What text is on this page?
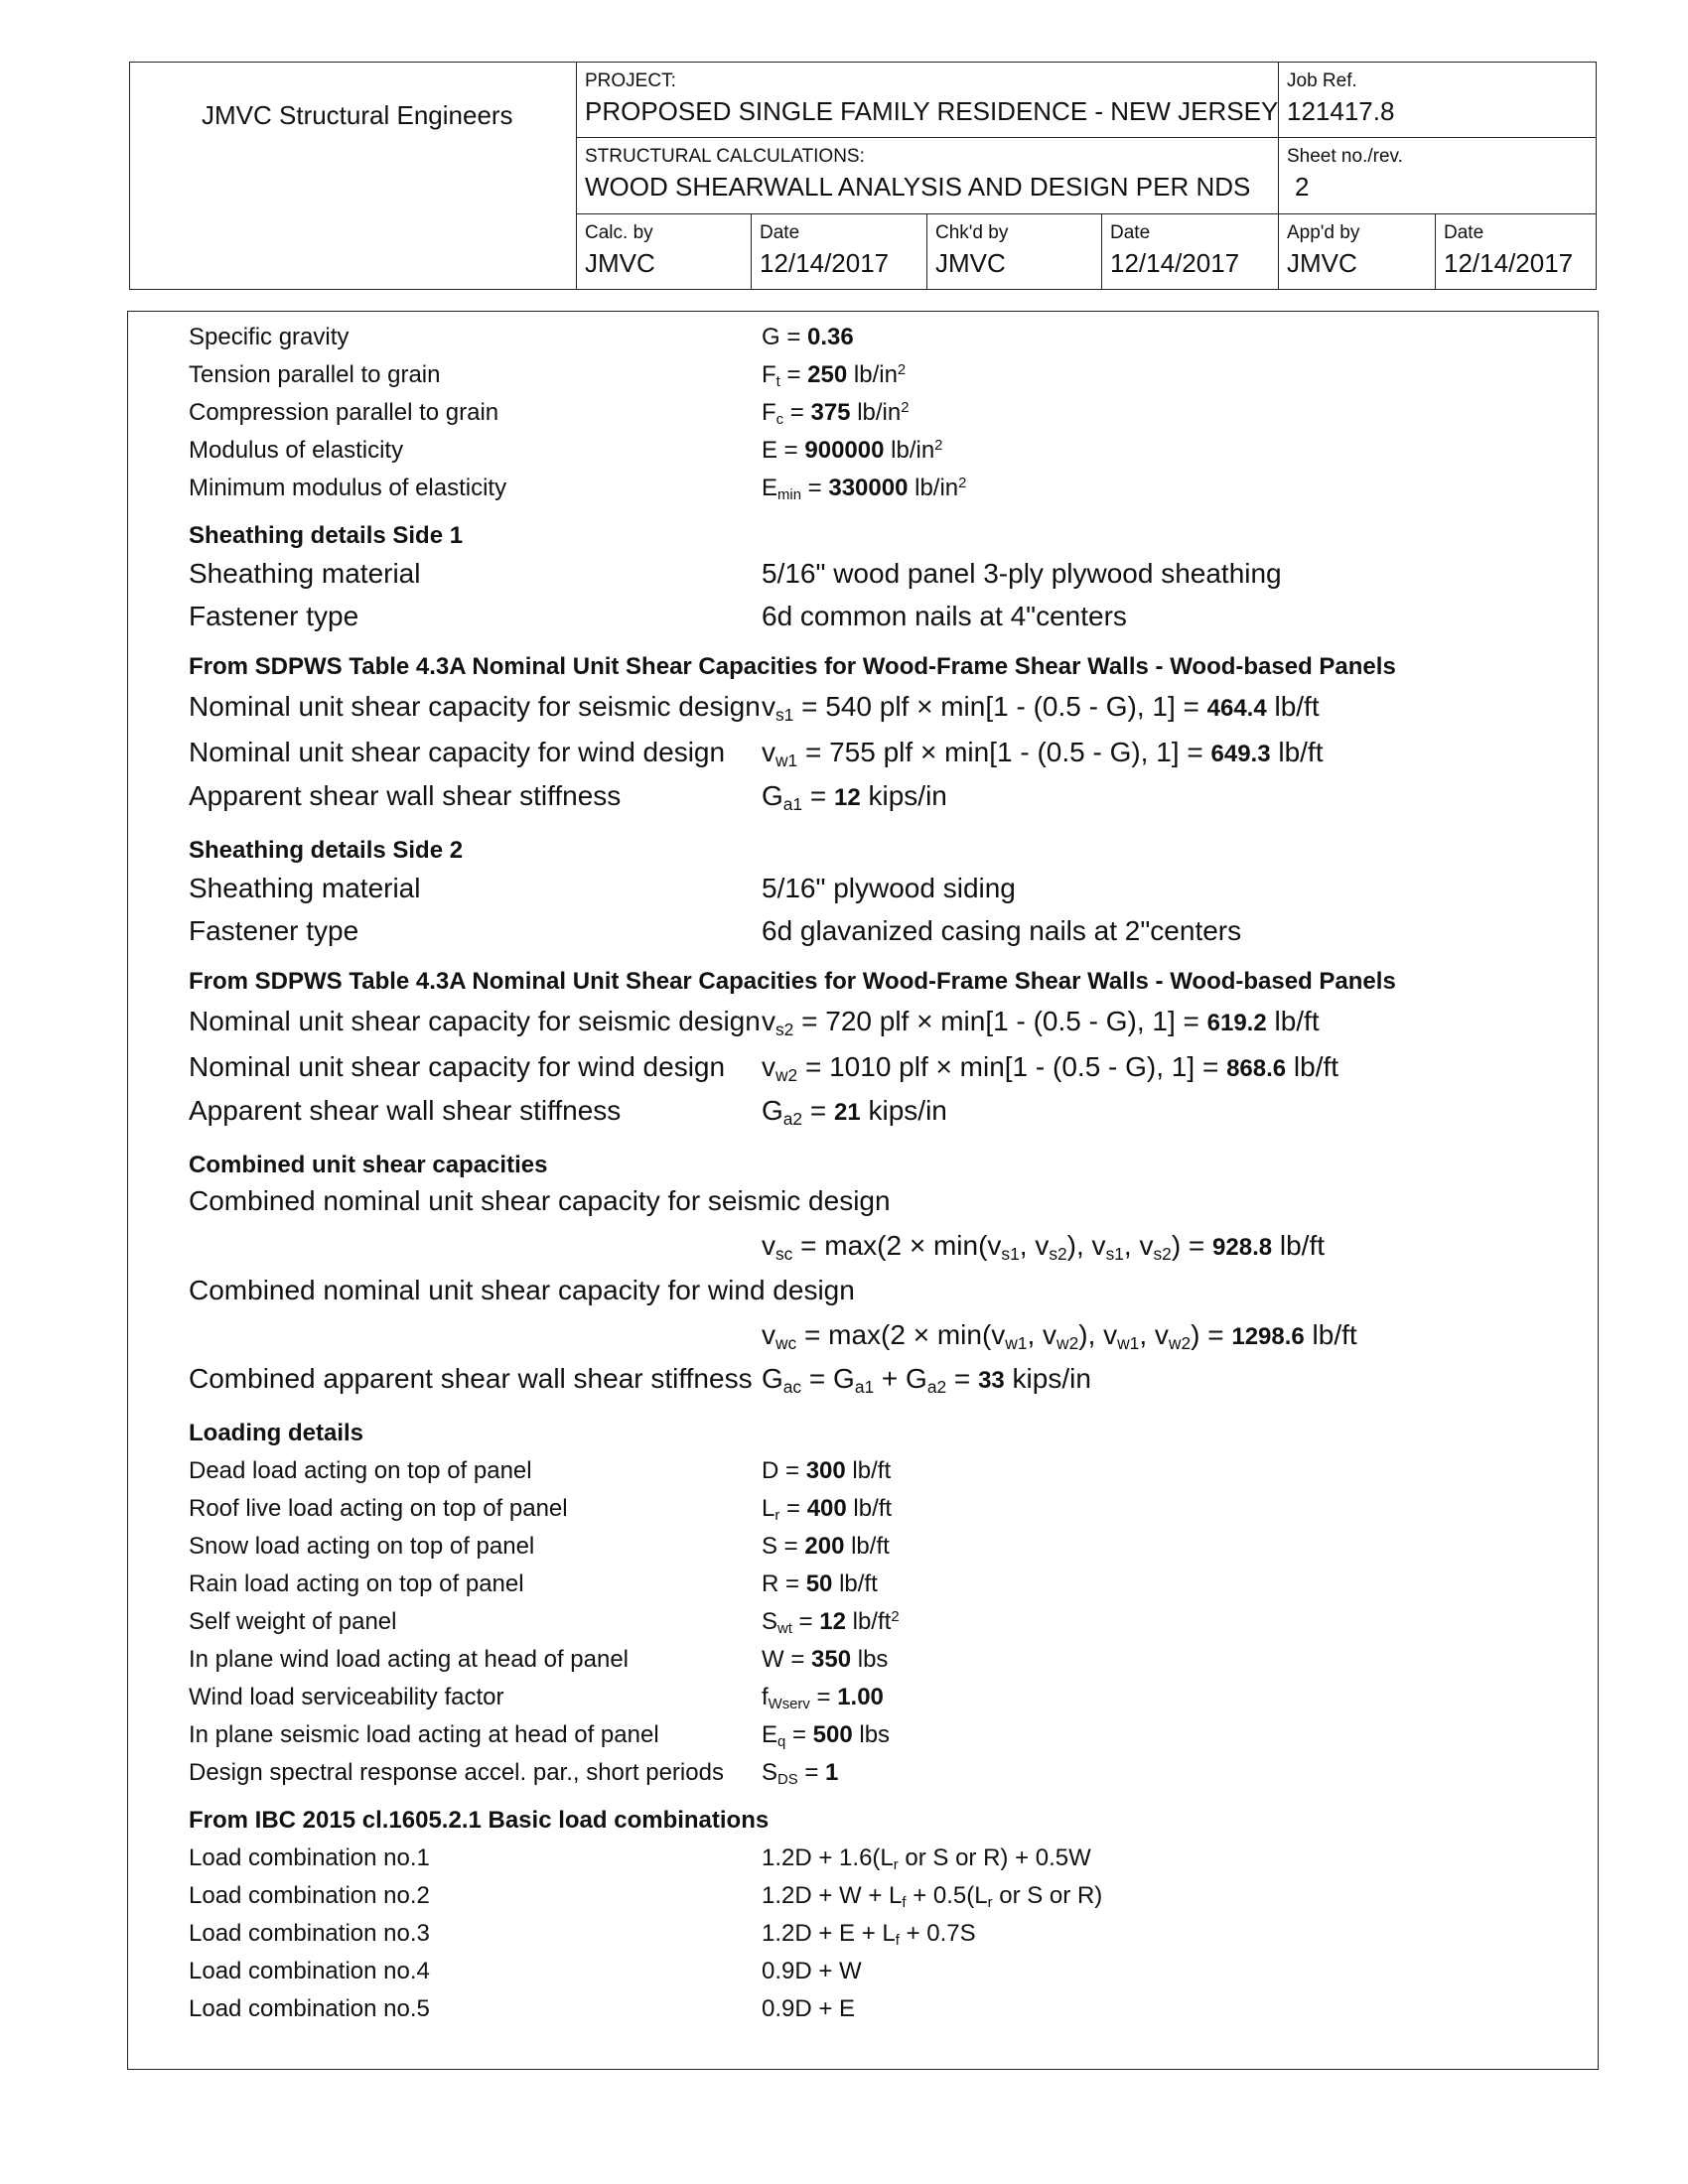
JMVC Structural Engineers
PROJECT:
PROPOSED SINGLE FAMILY RESIDENCE - NEW JERSEY
Job Ref.
121417.8
STRUCTURAL CALCULATIONS:
WOOD SHEARWALL ANALYSIS AND DESIGN PER NDS
Sheet no./rev.
2
Calc. by
JMVC
Date
12/14/2017
Chk'd by
JMVC
Date
12/14/2017
App'd by
JMVC
Date
12/14/2017
Specific gravity	G = 0.36
Tension parallel to grain	$F_t = 250$ $lb/in^2$
Compression parallel to grain	$F_c = 375$ $lb/in^2$
Modulus of elasticity	E = 900000 $lb/in^2$
Minimum modulus of elasticity	$E_{min} = 330000$ $lb/in^2$
Sheathing details Side 1
Sheathing material	5/16" wood panel 3-ply plywood sheathing
Fastener type	6d common nails at 4"centers
From SDPWS Table 4.3A Nominal Unit Shear Capacities for Wood-Frame Shear Walls - Wood-based Panels
Nominal unit shear capacity for seismic design $v_{s1} = 540$ plf × min[1 - (0.5 - G), 1] = 464.4 lb/ft
Nominal unit shear capacity for wind design $v_{w1} = 755$ plf × min[1 - (0.5 - G), 1] = 649.3 lb/ft
Apparent shear wall shear stiffness	$G_{a1} = 12$ kips/in
Sheathing details Side 2
Sheathing material	5/16" plywood siding
Fastener type	6d glavanized casing nails at 2"centers
From SDPWS Table 4.3A Nominal Unit Shear Capacities for Wood-Frame Shear Walls - Wood-based Panels
Nominal unit shear capacity for seismic design $v_{s2} = 720$ plf × min[1 - (0.5 - G), 1] = 619.2 lb/ft
Nominal unit shear capacity for wind design $v_{w2} = 1010$ plf × min[1 - (0.5 - G), 1] = 868.6 lb/ft
Apparent shear wall shear stiffness	$G_{a2} = 21$ kips/in
Combined unit shear capacities
Combined nominal unit shear capacity for seismic design
$v_{sc} = \max(2 \times \min(v_{s1}$, $v_{s2}$), $v_{s1}$, $v_{s2}) = 928.8$ lb/ft
Combined nominal unit shear capacity for wind design
$v_{wc} = \max(2 \times \min(v_{w1}$, $v_{w2}$), $v_{w1}$, $v_{w2}) = 1298.6$ lb/ft
Combined apparent shear wall shear stiffness $G_{ac} = G_{a1} + G_{a2} = 33$ kips/in
Loading details
Dead load acting on top of panel	D = 300 lb/ft
Roof live load acting on top of panel	$L_r = 400$ lb/ft
Snow load acting on top of panel	S = 200 lb/ft
Rain load acting on top of panel	R = 50 lb/ft
Self weight of panel	$S_{wt} = 12$ $lb/ft^2$
In plane wind load acting at head of panel	W = 350 lbs
Wind load serviceability factor	$f_{Wserv} = 1.00$
In plane seismic load acting at head of panel	$E_q = 500$ lbs
Design spectral response accel. par., short periods $S_{DS} = 1$
From IBC 2015 cl.1605.2.1 Basic load combinations
Load combination no.1	$1.2D + 1.6(L_r$ or S or R) + 0.5W
Load combination no.2	$1.2D + W + L_f + 0.5(L_r$ or S or R)
Load combination no.3	$1.2D + E + L_f + 0.7S$
Load combination no.4	0.9D + W
Load combination no.5	0.9D + E
